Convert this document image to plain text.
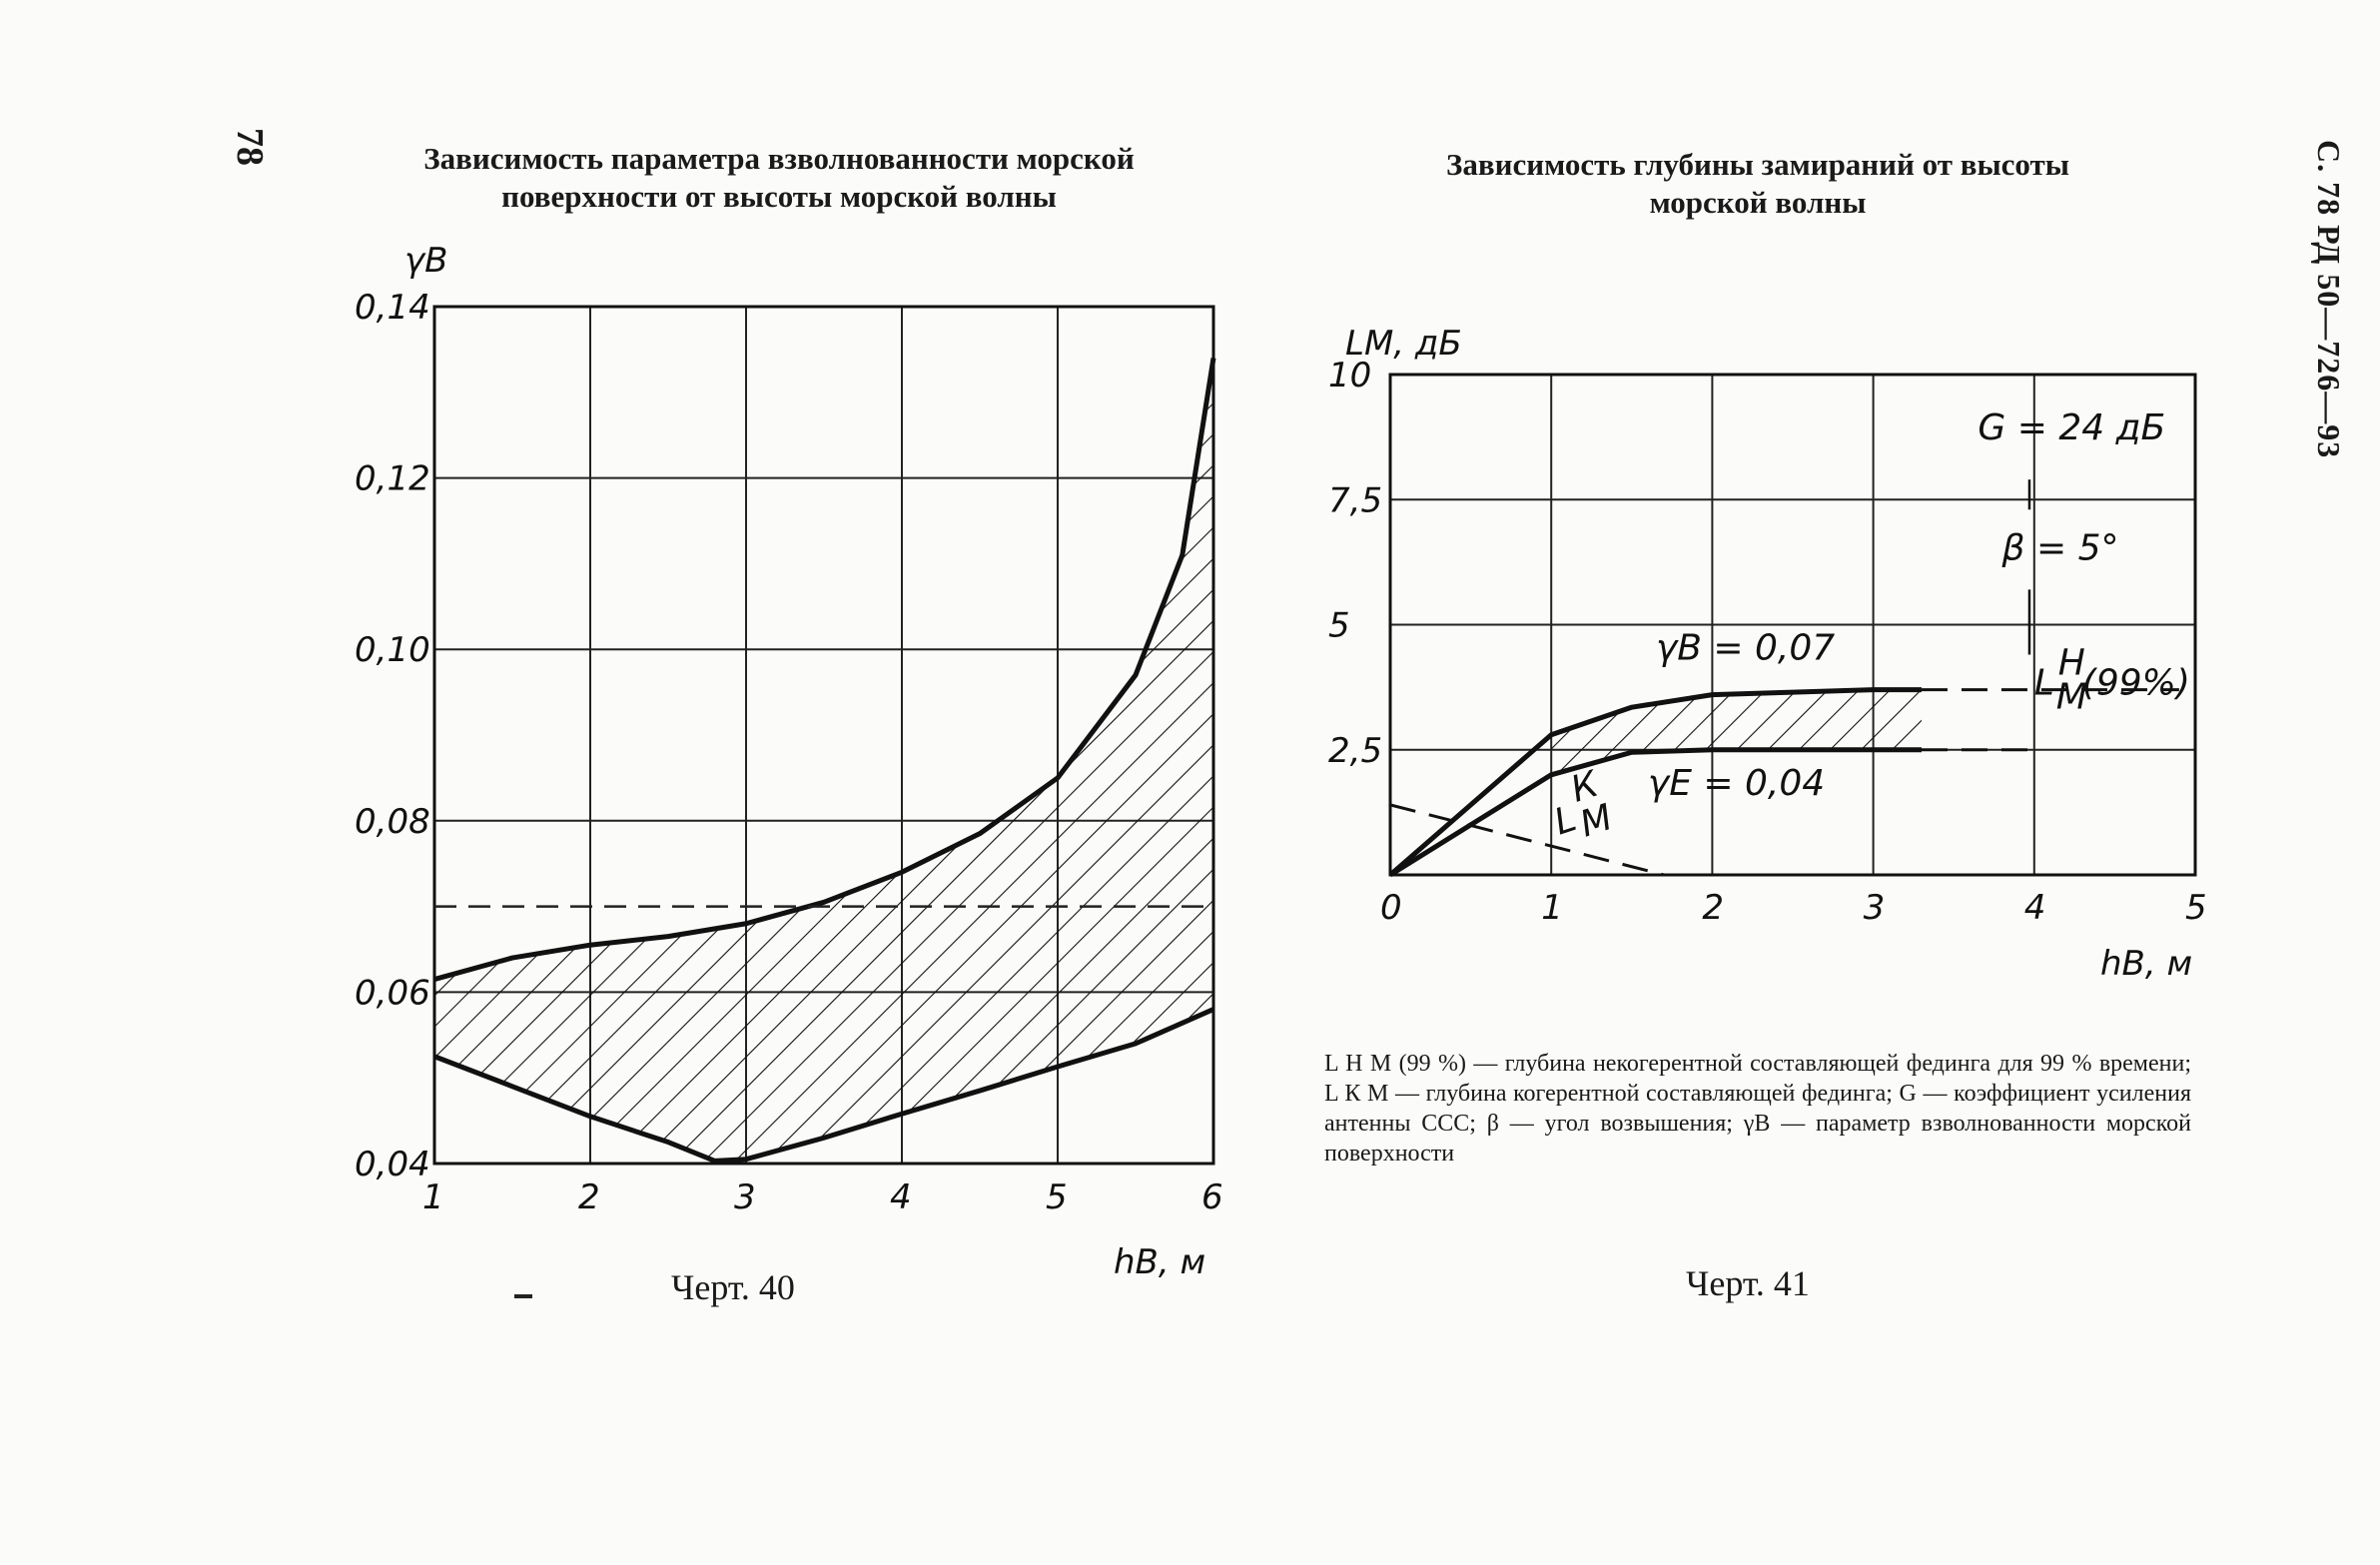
78	С. 78 РД 50—726—93
Зависимость параметра взволнованности морской
поверхности от высоты морской волны
Зависимость глубины замираний от высоты
морской волны
1	2	3	4	5	6
0,04
0,06
0,08
0,10
0,12
0,14
γB
hB, м
0	1	2	3	4	5
2,5
5
7,5
10
LM, дБ
hB, м
G = 24 дБ
β = 5°
γB = 0,07
γE = 0,04
L Н
М
(99%)
L
К
М

L Н М (99 %) — глубина некогерентной составляющей федингa для 99 % времени; L К М — глубина когерентной составляющей фединга; G — коэффициент усиления антенны ССС; β — угол возвышения; γВ — параметр взволнованности морской поверхности

Черт. 40	Черт. 41
